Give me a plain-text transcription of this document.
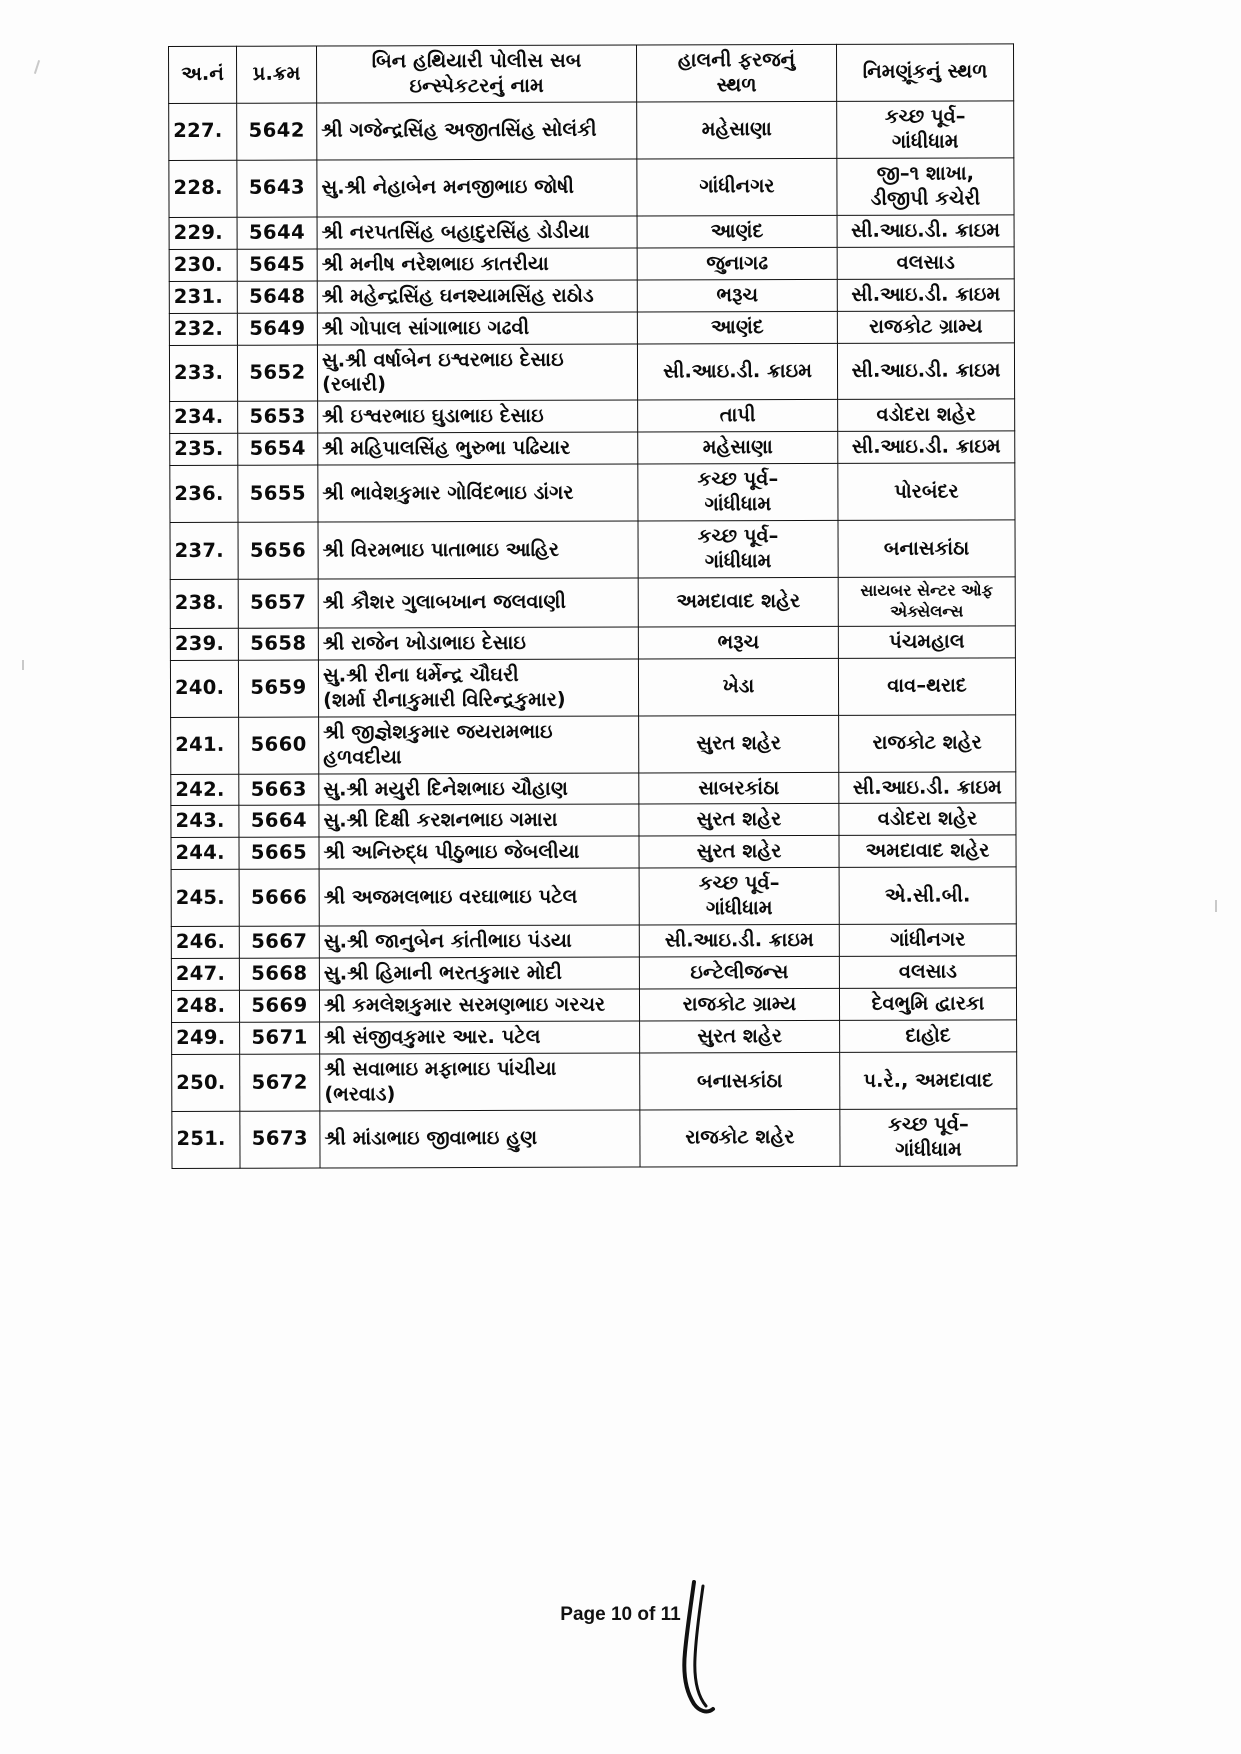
અ.નં	પ્ર.ક્રમ	બિન હથિયારી પોલીસ સબ
ઇન્સ્પેકટરનું નામ	હાલની ફરજનું
સ્થળ	નિમણૂંકનું સ્થળ
227.	5642	શ્રી ગજેન્દ્રસિંહ અજીતસિંહ સોલંકી	મહેસાણા	કચ્છ પૂર્વ–
ગાંધીધામ

228.	5643	સુ.શ્રી નેહાબેન મનજીભાઇ જોષી	ગાંધીનગર	જી–૧ શાખા,
ડીજીપી કચેરી

229.	5644	શ્રી નરપતસિંહ બહાદુરસિંહ ડોડીયા	આણંદ	સી.આઇ.ડી. ક્રાઇમ
230.	5645	શ્રી મનીષ નરેશભાઇ કાતરીયા	જુનાગઢ	વલસાડ
231.	5648	શ્રી મહેન્દ્રસિંહ ઘનશ્યામસિંહ રાઠોડ	ભરૂચ	સી.આઇ.ડી. ક્રાઇમ
232.	5649	શ્રી ગોપાલ સાંગાભાઇ ગઢવી	આણંદ	રાજકોટ ગ્રામ્ય
233.	5652	સુ.શ્રી વર્ષાબેન ઇશ્વરભાઇ દેસાઇ
(રબારી)	સી.આઇ.ડી. ક્રાઇમ	સી.આઇ.ડી. ક્રાઇમ
234.	5653	શ્રી ઇશ્વરભાઇ ઘુડાભાઇ દેસાઇ	તાપી	વડોદરા શહેર
235.	5654	શ્રી મહિપાલસિંહ ભુરુભા પઢિયાર	મહેસાણા	સી.આઇ.ડી. ક્રાઇમ
236.	5655	શ્રી ભાવેશકુમાર ગોવિંદભાઇ ડાંગર	કચ્છ પૂર્વ–
ગાંધીધામ	પોરબંદર
237.	5656	શ્રી વિરમભાઇ પાતાભાઇ આહિર	કચ્છ પૂર્વ–
ગાંધીધામ	બનાસકાંઠા
238.	5657	શ્રી કૌશર ગુલાબખાન જલવાણી	અમદાવાદ શહેર	સાયબર સેન્ટર ઓફ
એક્સેલન્સ

239.	5658	શ્રી રાજેન ખોડાભાઇ દેસાઇ	ભરૂચ	પંચમહાલ
240.	5659	સુ.શ્રી રીના ધર્મેન્દ્ર ચૌઘરી
(શર્મા રીનાકુમારી વિરિન્દ્રકુમાર)	ખેડા	વાવ–થરાદ
241.	5660	શ્રી જીજ્ઞેશકુમાર જયરામભાઇ
હળવદીયા	સુરત શહેર	રાજકોટ શહેર
242.	5663	સુ.શ્રી મયુરી દિનેશભાઇ ચૌહાણ	સાબરકાંઠા	સી.આઇ.ડી. ક્રાઇમ
243.	5664	સુ.શ્રી દિક્ષી કરશનભાઇ ગમારા	સુરત શહેર	વડોદરા શહેર
244.	5665	શ્રી અનિરુદ્ધ પીઠુભાઇ જેબલીયા	સુરત શહેર	અમદાવાદ શહેર
245.	5666	શ્રી અજમલભાઇ વરઘાભાઇ પટેલ	કચ્છ પૂર્વ–
ગાંધીધામ	એ.સી.બી.
246.	5667	સુ.શ્રી જાનુબેન કાંતીભાઇ પંડયા	સી.આઇ.ડી. ક્રાઇમ	ગાંધીનગર
247.	5668	સુ.શ્રી હિમાની ભરતકુમાર મોદી	ઇન્ટેલીજન્સ	વલસાડ
248.	5669	શ્રી કમલેશકુમાર સરમણભાઇ ગરચર	રાજકોટ ગ્રામ્ય	દેવભુમિ દ્વારકા
249.	5671	શ્રી સંજીવકુમાર આર. પટેલ	સુરત શહેર	દાહોદ
250.	5672	શ્રી સવાભાઇ મફાભાઇ પાંચીયા
(ભરવાડ)	બનાસકાંઠા	પ.રે., અમદાવાદ
251.	5673	શ્રી માંડાભાઇ જીવાભાઇ હુણ	રાજકોટ શહેર	કચ્છ પૂર્વ–
ગાંધીધામ
Page 10 of 11
